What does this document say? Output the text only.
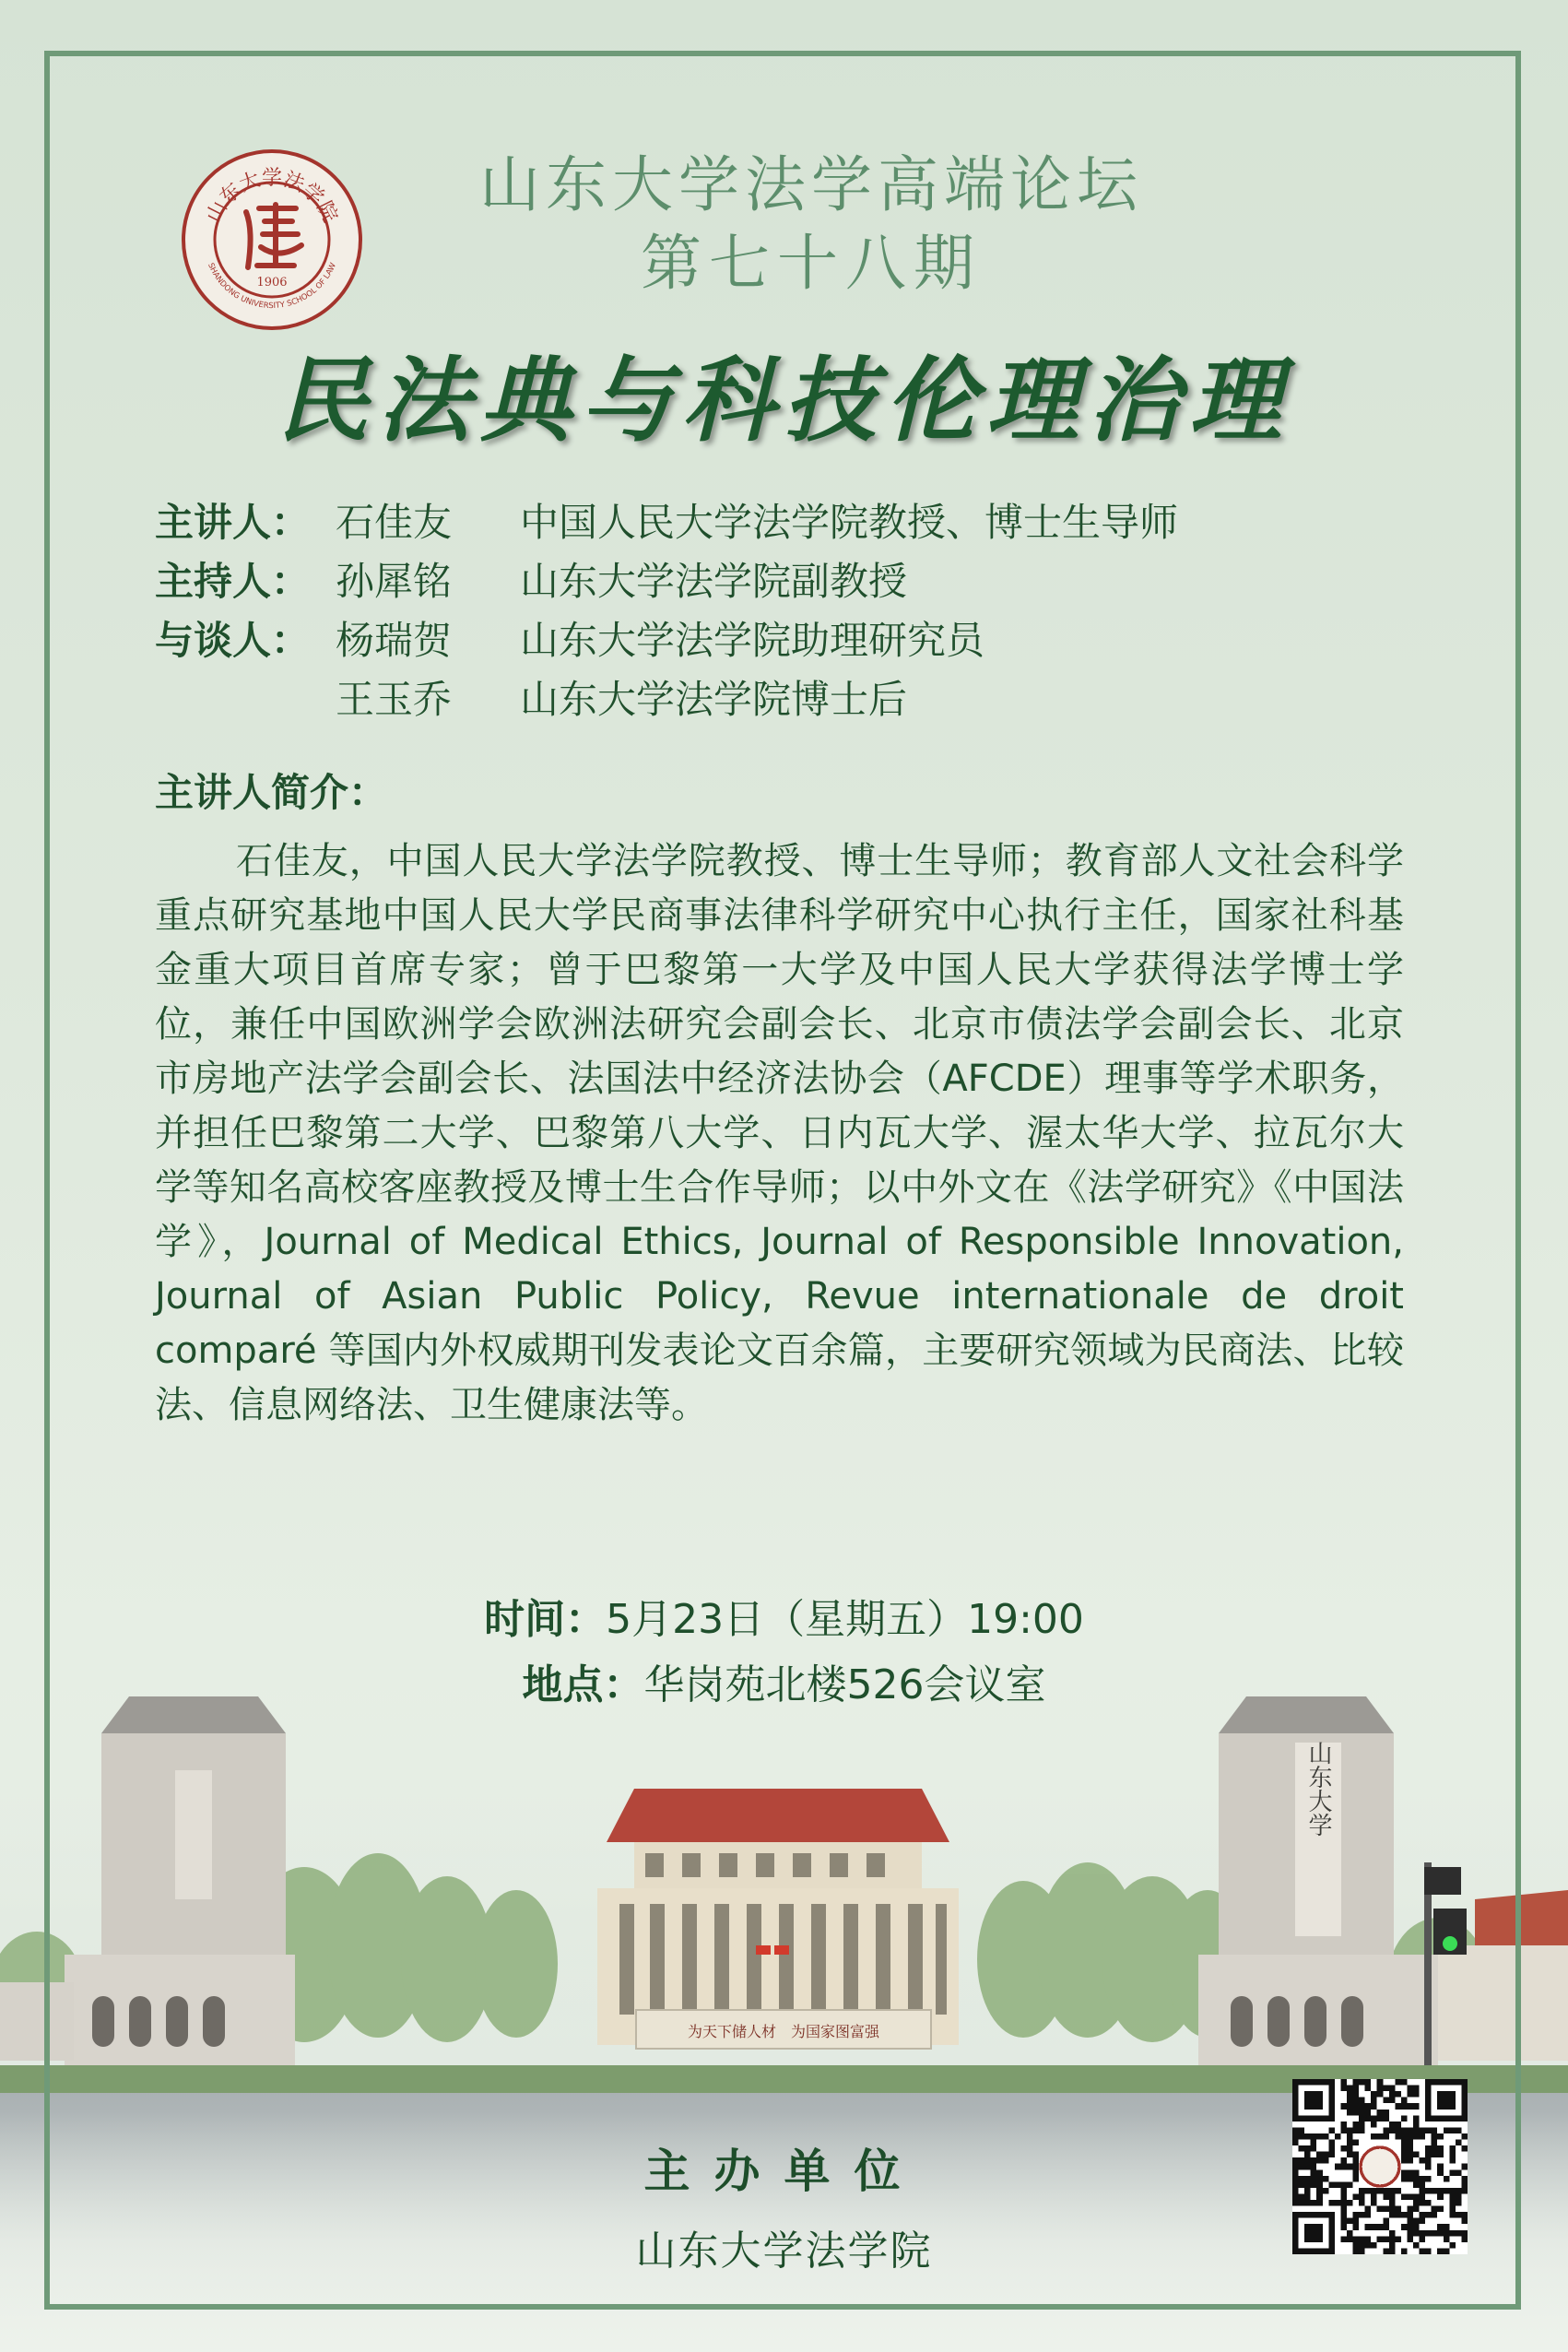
为天下储人材　为国家图富强
山东大学
山东大学法学院
SHANDONG UNIVERSITY SCHOOL OF LAW
1906
山东大学法学高端论坛
第七十八期
民法典与科技伦理治理
主讲人： 石佳友 中国人民大学法学院教授、博士生导师
主持人： 孙犀铭 山东大学法学院副教授
与谈人： 杨瑞贺 山东大学法学院助理研究员
王玉乔 山东大学法学院博士后
主讲人简介：

石佳友，中国人民大学法学院教授、博士生导师；教育部人文社会科学重点研究基地中国人民大学民商事法律科学研究中心执行主任，国家社科基金重大项目首席专家；曾于巴黎第一大学及中国人民大学获得法学博士学位，兼任中国欧洲学会欧洲法研究会副会长、北京市债法学会副会长、北京市房地产法学会副会长、法国法中经济法协会（AFCDE）理事等学术职务，并担任巴黎第二大学、巴黎第八大学、日内瓦大学、渥太华大学、拉瓦尔大学等知名高校客座教授及博士生合作导师；以中外文在《法学研究》《中国法学》，Journal of Medical Ethics, Journal of Responsible Innovation, Journal of Asian Public Policy, Revue internationale de droit comparé 等国内外权威期刊发表论文百余篇，主要研究领域为民商法、比较法、信息网络法、卫生健康法等。

时间：5月23日（星期五）19:00
地点：华岗苑北楼526会议室
主办单位
山东大学法学院
